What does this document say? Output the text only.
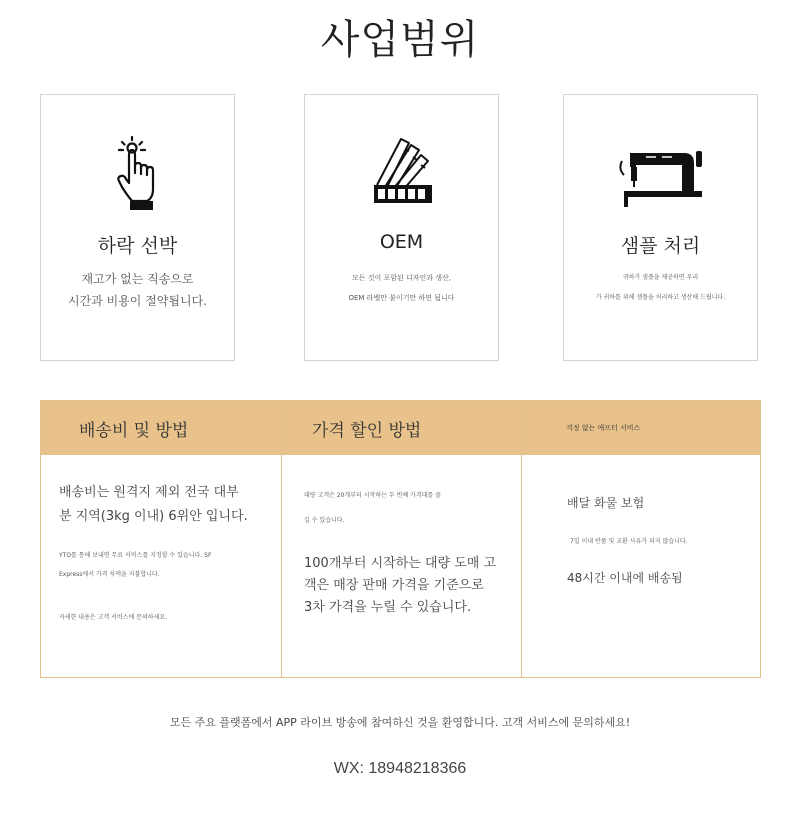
사업범위
하락 선박
재고가 없는 직송으로
시간과 비용이 절약됩니다.
OEM
모든 것이 포함된 디자인과 생산,
OEM 라벨만 붙이기만 하면 됩니다
샘플 처리
귀하가 샘플을 제공하면 우리
가 귀하를 위해 샘플을 처리하고 생산해 드립니다.
배송비 및 방법
배송비는 원격지 제외 전국 대부
분 지역(3kg 이내) 6위안 입니다.
YTO를 통해 보내면 무료 서비스를 지정할 수 있습니다. SF
Express에서 가격 차액을 지불합니다.
자세한 내용은 고객 서비스에 문의하세요.
가격 할인 방법
대량 고객은 20개부터 시작하는 두 번째 가격대를 즐
길 수 있습니다.
100개부터 시작하는 대량 도매 고
객은 매장 판매 가격을 기준으로
3차 가격을 누릴 수 있습니다.
걱정 없는 애프터 서비스
배달 화물 보험
7일 이내 반품 및 교환 사유가 되지 않습니다.
48시간 이내에 배송됨
모든 주요 플랫폼에서 APP 라이브 방송에 참여하신 것을 환영합니다. 고객 서비스에 문의하세요!
WX: 18948218366
